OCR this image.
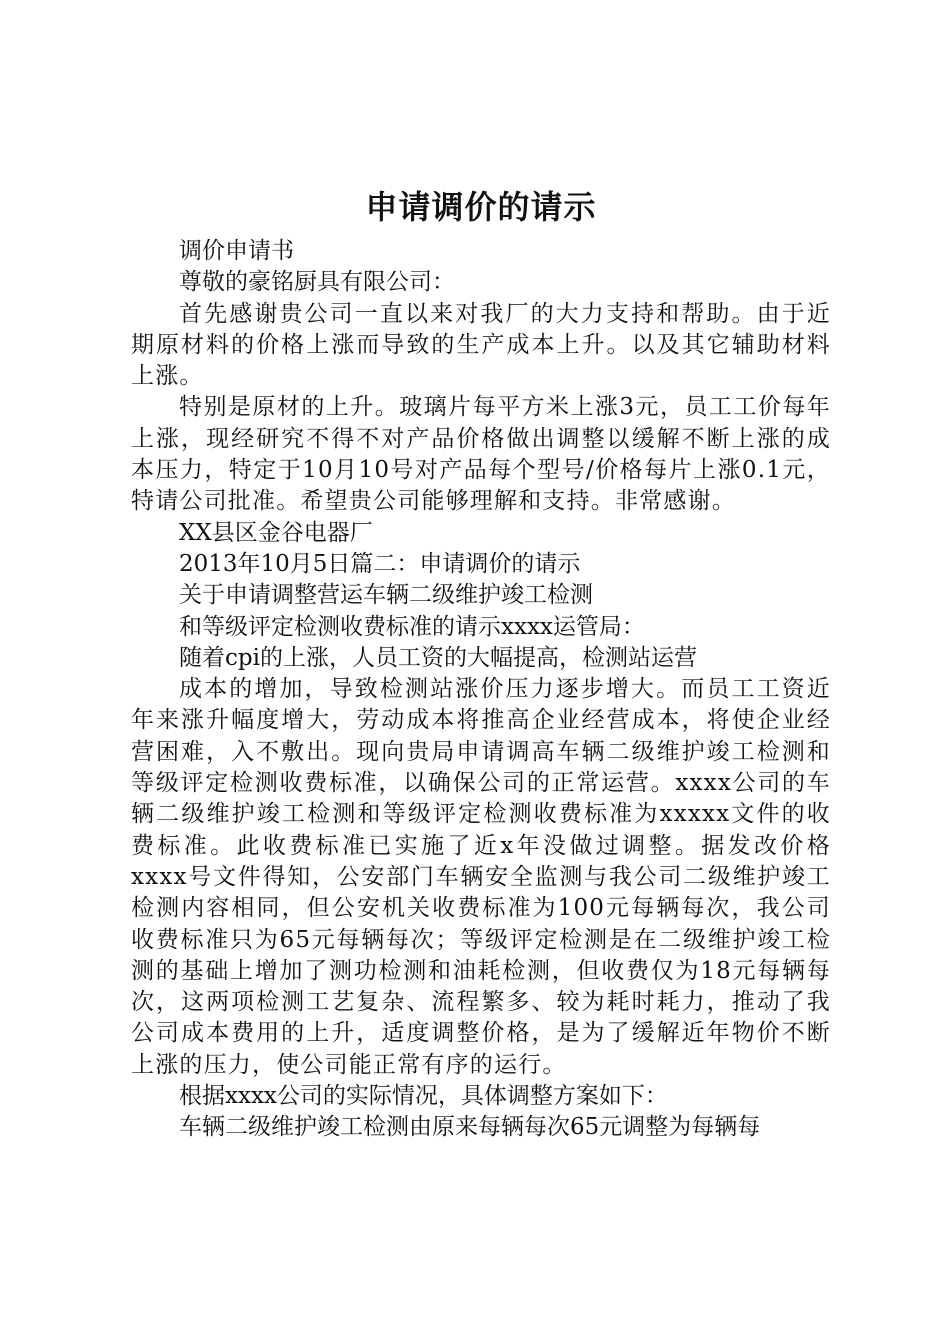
申请调价的请示

调价申请书

尊敬的豪铭厨具有限公司：

首先感谢贵公司一直以来对我厂的大力支持和帮助。由于近期原材料的价格上涨而导致的生产成本上升。以及其它辅助材料上涨。

特别是原材的上升。玻璃片每平方米上涨3元，员工工价每年上涨，现经研究不得不对产品价格做出调整以缓解不断上涨的成本压力，特定于10月10号对产品每个型号/价格每片上涨0.1元，特请公司批准。希望贵公司能够理解和支持。非常感谢。

XX县区金谷电器厂

2013年10月5日篇二：申请调价的请示

关于申请调整营运车辆二级维护竣工检测

和等级评定检测收费标准的请示xxxx运管局：

随着cpi的上涨，人员工资的大幅提高，检测站运营

成本的增加，导致检测站涨价压力逐步增大。而员工工资近年来涨升幅度增大，劳动成本将推高企业经营成本，将使企业经营困难，入不敷出。现向贵局申请调高车辆二级维护竣工检测和等级评定检测收费标准，以确保公司的正常运营。xxxx公司的车辆二级维护竣工检测和等级评定检测收费标准为xxxxx文件的收费标准。此收费标准已实施了近x年没做过调整。据发改价格xxxx号文件得知，公安部门车辆安全监测与我公司二级维护竣工检测内容相同，但公安机关收费标准为100元每辆每次，我公司收费标准只为65元每辆每次；等级评定检测是在二级维护竣工检测的基础上增加了测功检测和油耗检测，但收费仅为18元每辆每次，这两项检测工艺复杂、流程繁多、较为耗时耗力，推动了我公司成本费用的上升，适度调整价格，是为了缓解近年物价不断上涨的压力，使公司能正常有序的运行。

根据xxxx公司的实际情况，具体调整方案如下：

车辆二级维护竣工检测由原来每辆每次65元调整为每辆每
